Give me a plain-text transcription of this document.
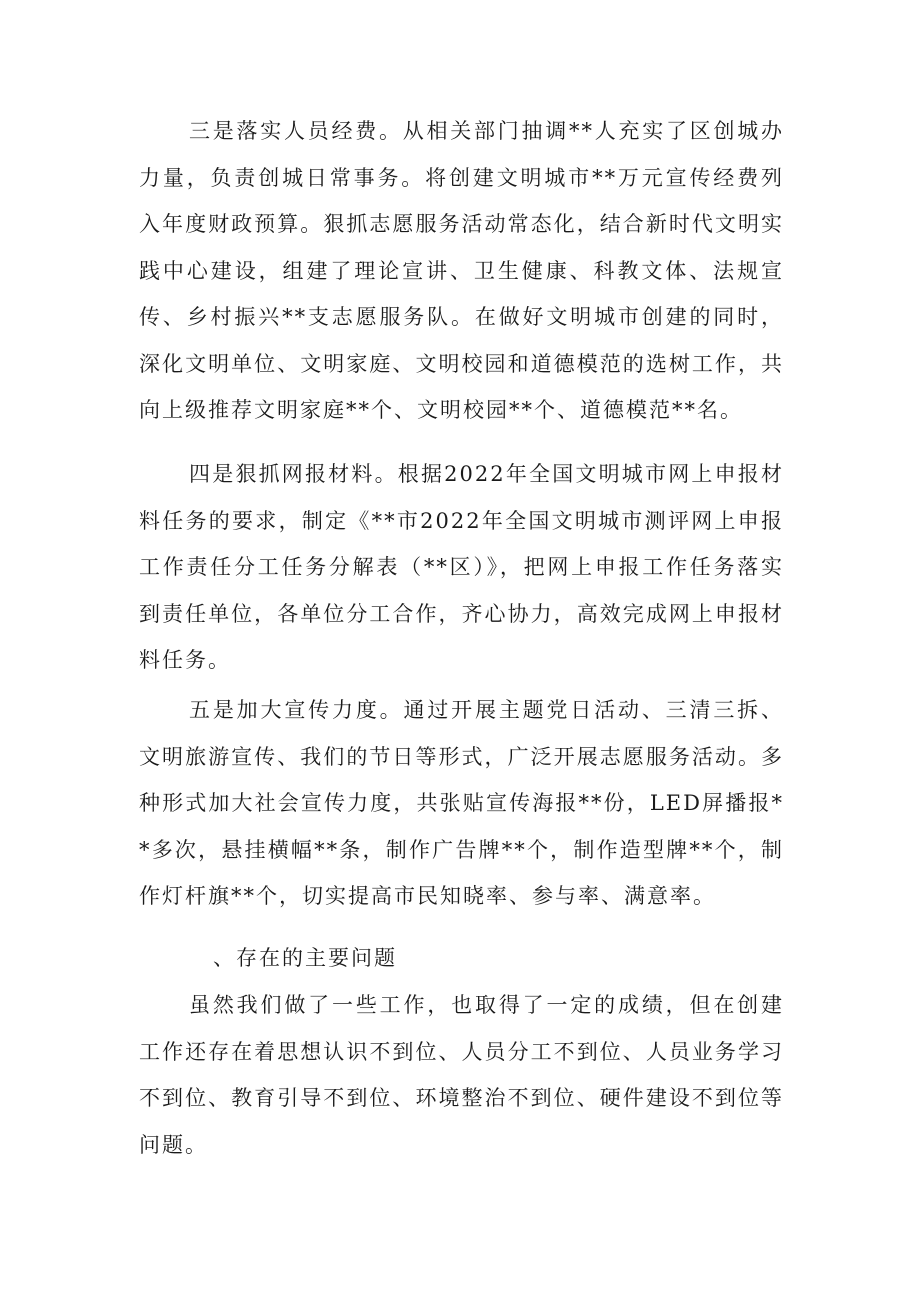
三是落实人员经费。从相关部门抽调**人充实了区创城办力量，负责创城日常事务。将创建文明城市**万元宣传经费列入年度财政预算。狠抓志愿服务活动常态化，结合新时代文明实践中心建设，组建了理论宣讲、卫生健康、科教文体、法规宣传、乡村振兴**支志愿服务队。在做好文明城市创建的同时，深化文明单位、文明家庭、文明校园和道德模范的选树工作，共向上级推荐文明家庭**个、文明校园**个、道德模范**名。

四是狠抓网报材料。根据2022年全国文明城市网上申报材料任务的要求，制定《**市2022年全国文明城市测评网上申报工作责任分工任务分解表（**区）》，把网上申报工作任务落实到责任单位，各单位分工合作，齐心协力，高效完成网上申报材料任务。

五是加大宣传力度。通过开展主题党日活动、三清三拆、文明旅游宣传、我们的节日等形式，广泛开展志愿服务活动。多种形式加大社会宣传力度，共张贴宣传海报**份，LED屏播报**多次，悬挂横幅**条，制作广告牌**个，制作造型牌**个，制作灯杆旗**个，切实提高市民知晓率、参与率、满意率。

、存在的主要问题

虽然我们做了一些工作，也取得了一定的成绩，但在创建工作还存在着思想认识不到位、人员分工不到位、人员业务学习不到位、教育引导不到位、环境整治不到位、硬件建设不到位等问题。
